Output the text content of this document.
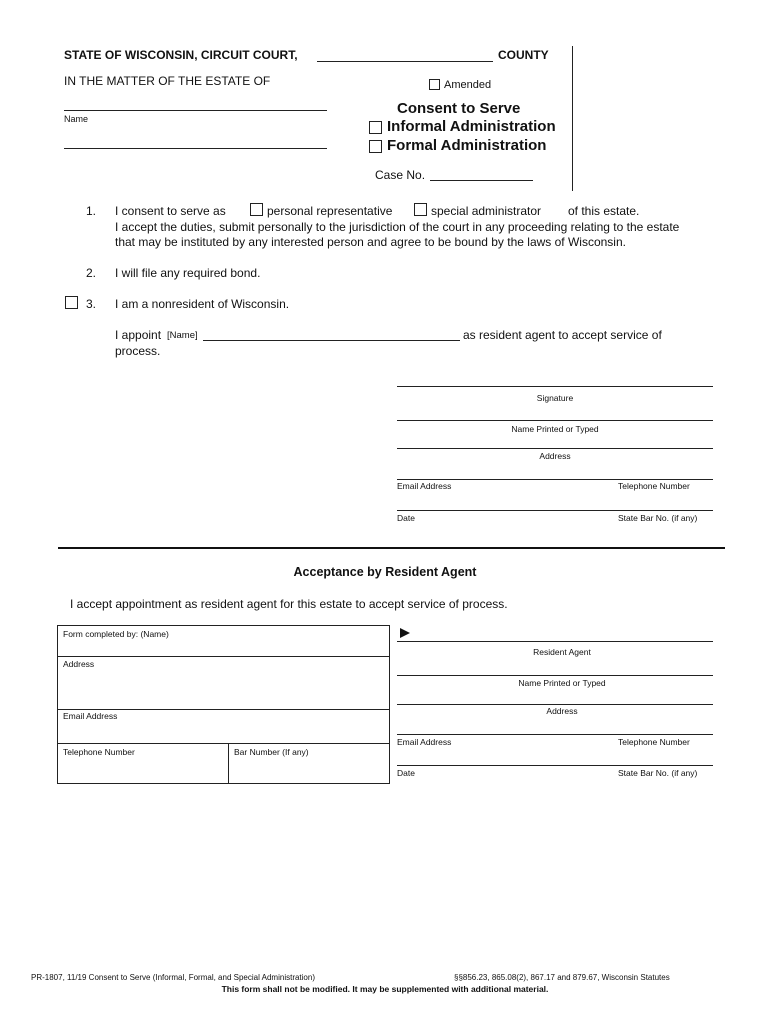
STATE OF WISCONSIN, CIRCUIT COURT,	COUNTY
IN THE MATTER OF THE ESTATE OF
Name
Amended
Consent to Serve
Informal Administration
Formal Administration
Case No.
1. I consent to serve as	personal representative	special administrator of this estate.
I accept the duties, submit personally to the jurisdiction of the court in any proceeding relating to the estate
that may be instituted by any interested person and agree to be bound by the laws of Wisconsin.
2. I will file any required bond.
3. I am a nonresident of Wisconsin.
I appoint [Name]	as resident agent to accept service of
process.
Signature
Name Printed or Typed
Address
Email Address	Telephone Number
Date	State Bar No. (if any)
Acceptance by Resident Agent
I accept appointment as resident agent for this estate to accept service of process.
Form completed by: (Name)
Address
Email Address
Telephone Number	Bar Number (If any)
Resident Agent
Name Printed or Typed
Address
Email Address	Telephone Number
Date	State Bar No. (if any)
PR-1807, 11/19 Consent to Serve (Informal, Formal, and Special Administration)	§§856.23, 865.08(2), 867.17 and 879.67, Wisconsin Statutes
This form shall not be modified. It may be supplemented with additional material.
